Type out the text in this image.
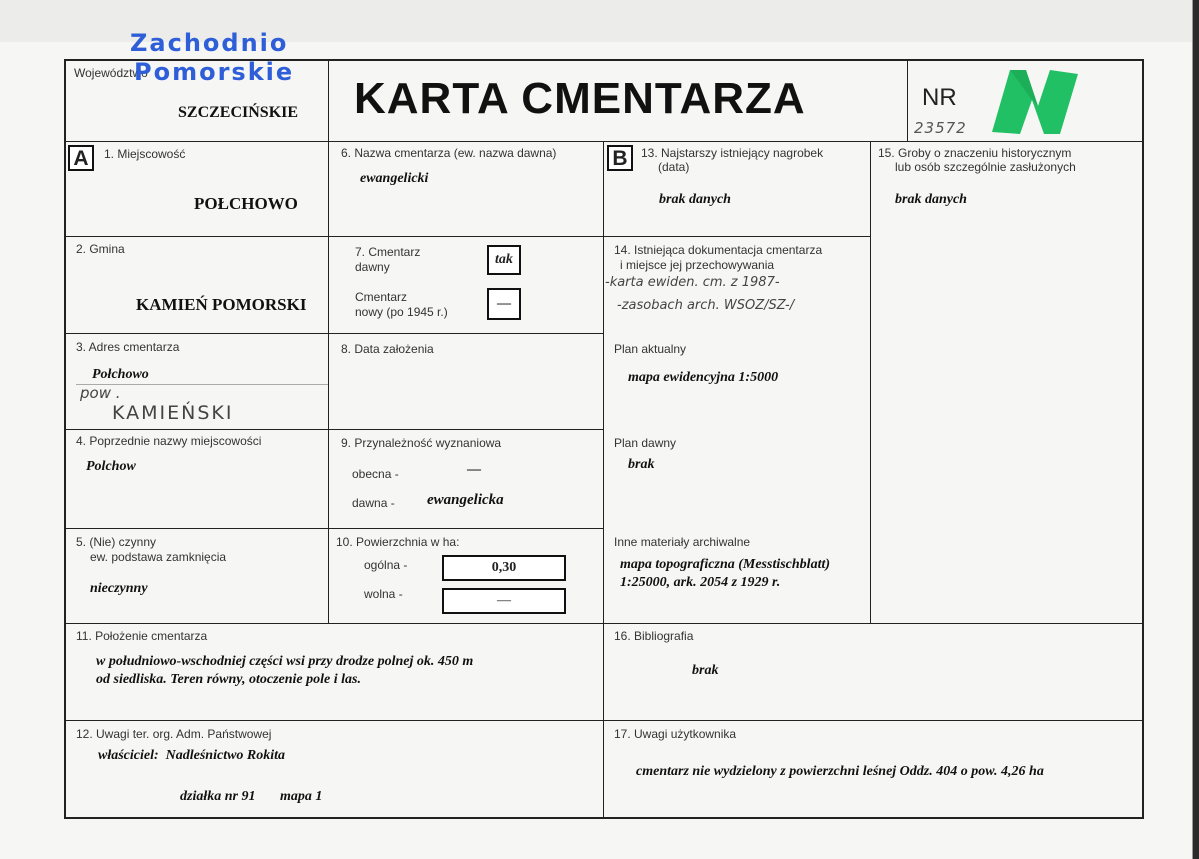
Województwo
SZCZECIŃSKIE KARTA CMENTARZA	NR
23572
Zachodnio
Pomorskie
A	1. Miejscowość
POŁCHOWO
2. Gmina
KAMIEŃ POMORSKI
3. Adres cmentarza
Połchowo
pow .
KAMIEŃSKI
4. Poprzednie nazwy miejscowości
Polchow
5. (Nie) czynny
ew. podstawa zamknięcia
nieczynny
6. Nazwa cmentarza (ew. nazwa dawna)
ewangelicki
7. Cmentarz
dawny	tak
Cmentarz
nowy (po 1945 r.)
—
8. Data założenia
9. Przynależność wyznaniowa
obecna -	—
dawna - ewangelicka
10. Powierzchnia w ha:
ogólna -	0,30
wolna -	—
B	13. Najstarszy istniejący nagrobek
(data)
brak danych
14. Istniejąca dokumentacja cmentarza
i miejsce jej przechowywania
-karta ewiden. cm. z 1987-
-zasobach arch. WSOZ/SZ-/
Plan aktualny
mapa ewidencyjna 1:5000
Plan dawny
brak
Inne materiały archiwalne
mapa topograficzna (Messtischblatt)
1:25000, ark. 2054 z 1929 r.
15. Groby o znaczeniu historycznym
lub osób szczególnie zasłużonych
brak danych
11. Położenie cmentarza
w południowo-wschodniej części wsi przy drodze polnej ok. 450 m
od siedliska. Teren równy, otoczenie pole i las.
12. Uwagi ter. org. Adm. Państwowej
właściciel:  Nadleśnictwo Rokita
działka nr 91       mapa 1
16. Bibliografia
brak
17. Uwagi użytkownika
cmentarz nie wydzielony z powierzchni leśnej Oddz. 404 o pow. 4,26 ha
